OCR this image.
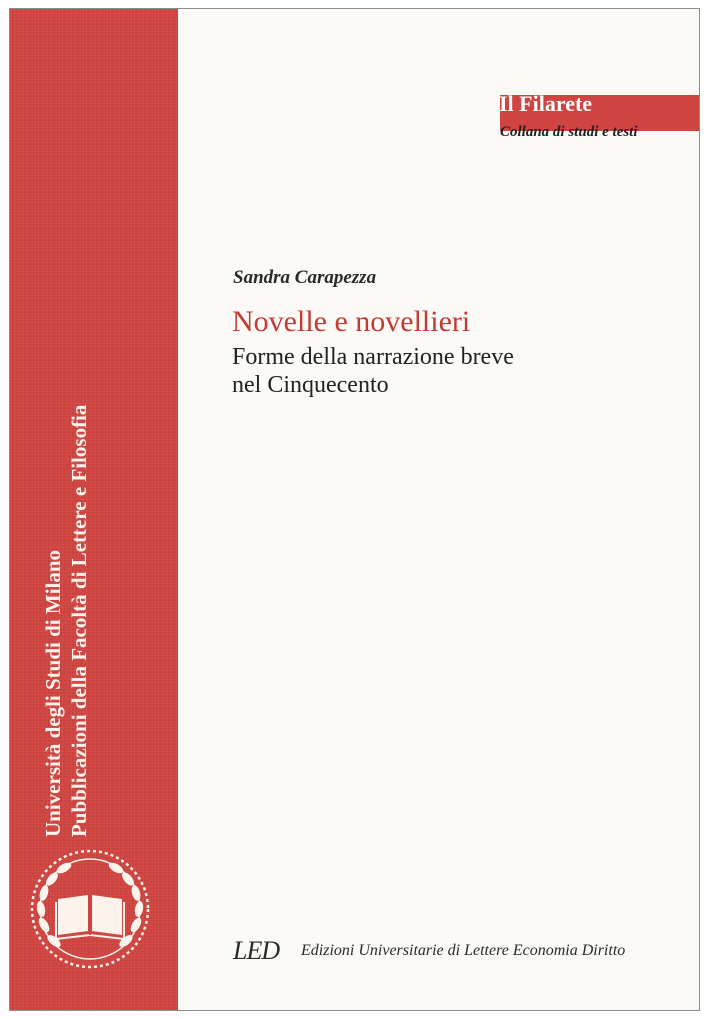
Università degli Studi di Milano Pubblicazioni della Facoltà di Lettere e Filosofia
Il Filarete
Collana di studi e testi
Sandra Carapezza
Novelle e novellieri
Forme della narrazione breve
nel Cinquecento
LED Edizioni Universitarie di Lettere Economia Diritto
